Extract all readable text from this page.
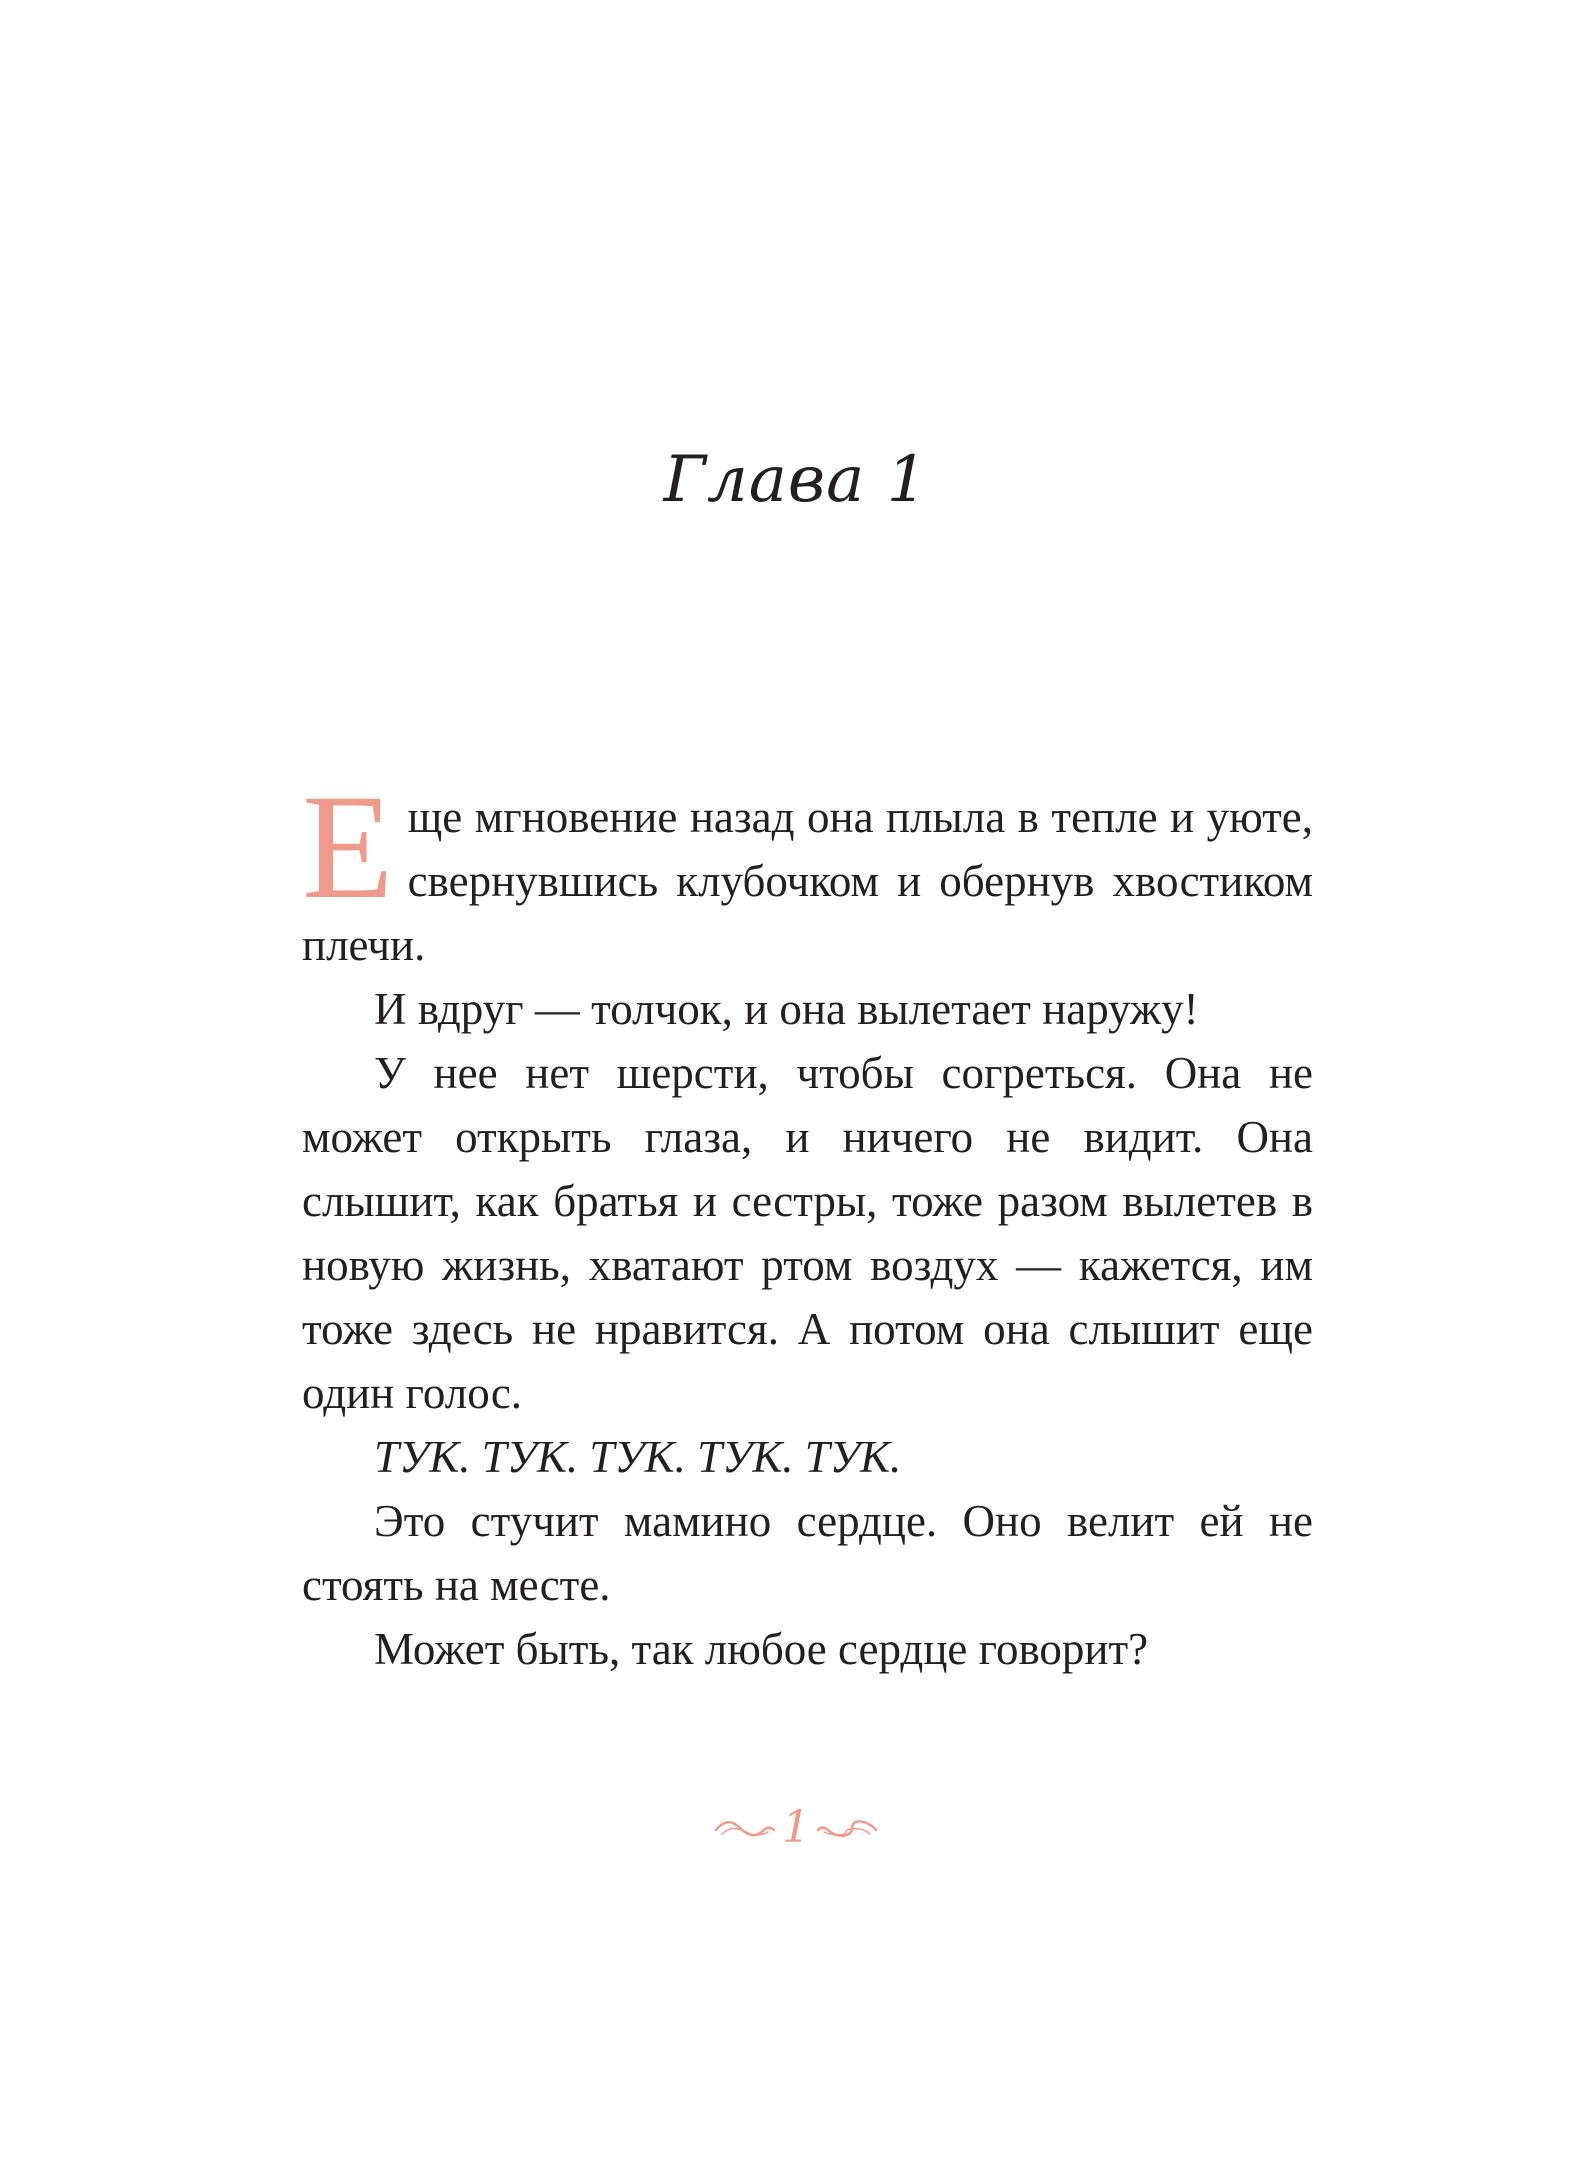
Глава 1

Еще мгновение назад она плыла в тепле и уюте, свернувшись клубочком и обернув хвостиком плечи.

И вдруг — толчок, и она вылетает наружу!

У нее нет шерсти, чтобы согреться. Она не может открыть глаза, и ничего не видит. Она слышит, как братья и сестры, тоже разом вылетев в новую жизнь, хватают ртом воздух — кажется, им тоже здесь не нравится. А потом она слышит еще один голос.

ТУК. ТУК. ТУК. ТУК. ТУК.

Это стучит мамино сердце. Оно велит ей не стоять на месте.

Может быть, так любое сердце говорит?

1
